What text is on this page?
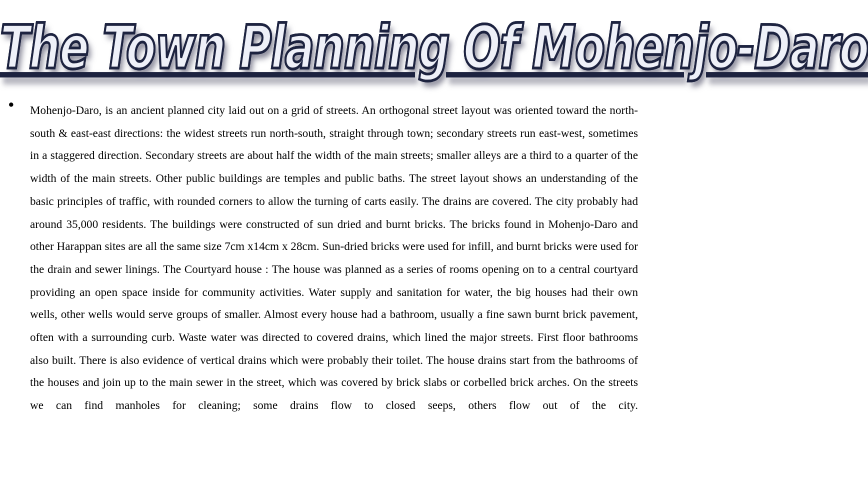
The Town Planning Of Mohenjo-Daro
• Mohenjo-Daro, is an ancient planned city laid out on a grid of streets. An orthogonal street layout was oriented toward the north-south & east-east directions: the widest streets run north-south, straight through town; secondary streets run east-west, sometimes in a staggered direction. Secondary streets are about half the width of the main streets; smaller alleys are a third to a quarter of the width of the main streets. Other public buildings are temples and public baths. The street layout shows an understanding of the basic principles of traffic, with rounded corners to allow the turning of carts easily. The drains are covered. The city probably had around 35,000 residents. The buildings were constructed of sun dried and burnt bricks. The bricks found in Mohenjo-Daro and other Harappan sites are all the same size 7cm x14cm x 28cm. Sun-dried bricks were used for infill, and burnt bricks were used for the drain and sewer linings. The Courtyard house : The house was planned as a series of rooms opening on to a central courtyard providing an open space inside for community activities. Water supply and sanitation for water, the big houses had their own wells, other wells would serve groups of smaller. Almost every house had a bathroom, usually a fine sawn burnt brick pavement, often with a surrounding curb. Waste water was directed to covered drains, which lined the major streets. First floor bathrooms also built. There is also evidence of vertical drains which were probably their toilet. The house drains start from the bathrooms of the houses and join up to the main sewer in the street, which was covered by brick slabs or corbelled brick arches. On the streets we can find manholes for cleaning; some drains flow to closed seeps, others flow out of the city.
